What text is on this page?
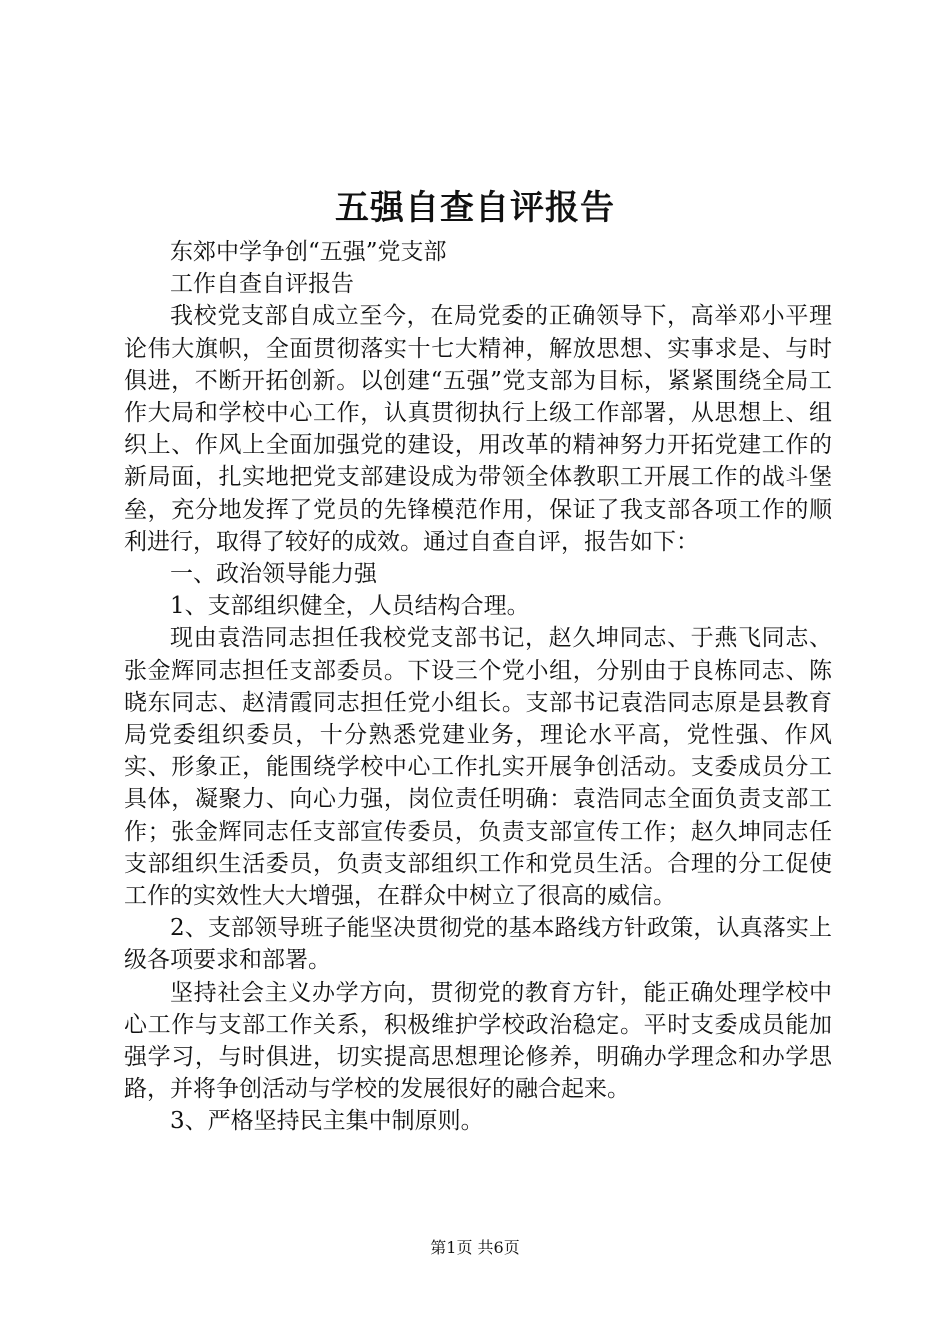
五强自查自评报告

东郊中学争创“五强”党支部

工作自查自评报告

我校党支部自成立至今，在局党委的正确领导下，高举邓小平理论伟大旗帜，全面贯彻落实十七大精神，解放思想、实事求是、与时俱进，不断开拓创新。以创建“五强”党支部为目标，紧紧围绕全局工作大局和学校中心工作，认真贯彻执行上级工作部署，从思想上、组织上、作风上全面加强党的建设，用改革的精神努力开拓党建工作的新局面，扎实地把党支部建设成为带领全体教职工开展工作的战斗堡垒，充分地发挥了党员的先锋模范作用，保证了我支部各项工作的顺利进行，取得了较好的成效。通过自查自评，报告如下：

一、政治领导能力强

1、支部组织健全，人员结构合理。

现由袁浩同志担任我校党支部书记，赵久坤同志、于燕飞同志、张金辉同志担任支部委员。下设三个党小组，分别由于良栋同志、陈晓东同志、赵清霞同志担任党小组长。支部书记袁浩同志原是县教育局党委组织委员，十分熟悉党建业务，理论水平高，党性强、作风实、形象正，能围绕学校中心工作扎实开展争创活动。支委成员分工具体，凝聚力、向心力强，岗位责任明确：袁浩同志全面负责支部工作；张金辉同志任支部宣传委员，负责支部宣传工作；赵久坤同志任支部组织生活委员，负责支部组织工作和党员生活。合理的分工促使工作的实效性大大增强，在群众中树立了很高的威信。

2、支部领导班子能坚决贯彻党的基本路线方针政策，认真落实上级各项要求和部署。

坚持社会主义办学方向，贯彻党的教育方针，能正确处理学校中心工作与支部工作关系，积极维护学校政治稳定。平时支委成员能加强学习，与时俱进，切实提高思想理论修养，明确办学理念和办学思路，并将争创活动与学校的发展很好的融合起来。

3、严格坚持民主集中制原则。

第1页 共6页
